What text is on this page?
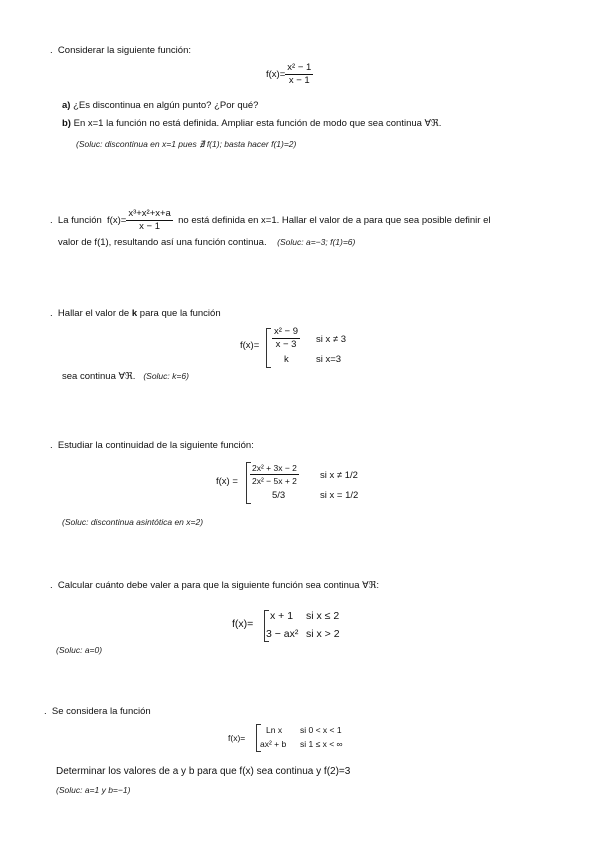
. Considerar la siguiente función:
$f(x)= \frac{\text{x² − 1}}{x - 1}$
a) ¿Es discontinua en algún punto? ¿Por qué?
b) En x=1 la función no está definida. Ampliar esta función de modo que sea continua ∀ℜ.
(Soluc: discontinua en x=1 pues ∄ f(1); basta hacer f(1)=2)
. La función $f(x)= \frac{\text{x³+x²+x+a}}{x - 1}$ no está definida en x=1. Hallar el valor de a para que sea posible definir el
valor de f(1), resultando así una función continua. (Soluc: a=−3; f(1)=6)
. Hallar el valor de k para que la función
$f(x)= \frac{\text{x² − 9}}{x - 3}$ si x ≠ 3
k	si x=3
sea continua ∀ℜ. (Soluc: k=6)
. Estudiar la continuidad de la siguiente función:
$f(x) = \frac{\text{2x² + 3x − 2}}{\text{2x² − 5x + 2}}$ si x ≠ 1/2
5/3	si x = 1/2
(Soluc: discontinua asintótica en x=2)
. Calcular cuánto debe valer a para que la siguiente función sea continua ∀ℜ:
f(x)=
x + 1 si x ≤ 2
3 − ax² si x > 2
(Soluc: a=0)
. Se considera la función
f(x)=
Ln x si 0 < x < 1
ax² + b si 1 ≤ x < ∞
Determinar los valores de a y b para que f(x) sea continua y f(2)=3
(Soluc: a=1 y b=−1)
